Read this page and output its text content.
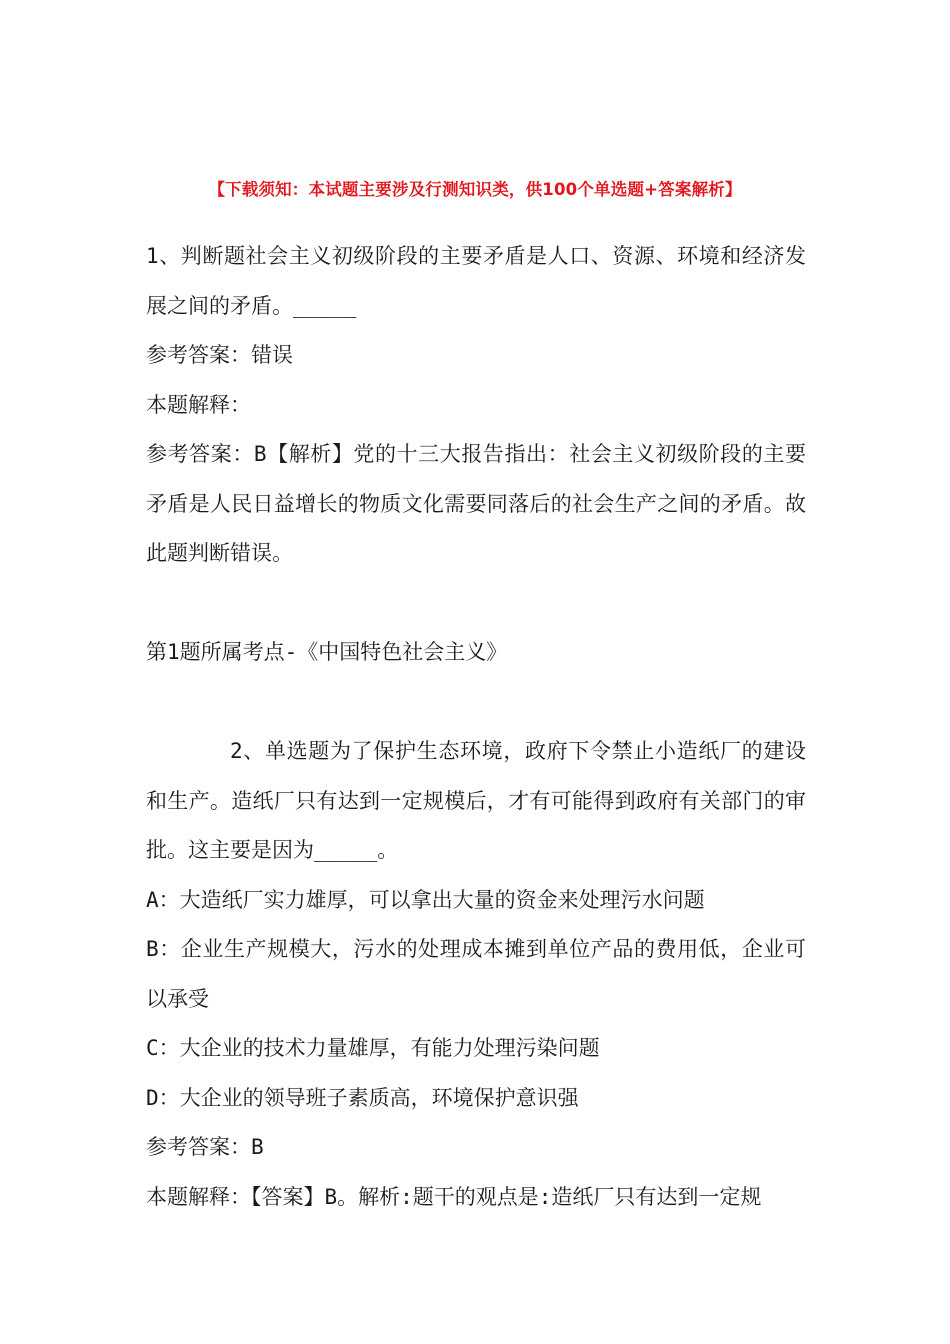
【下载须知：本试题主要涉及行测知识类，供100个单选题+答案解析】

1、判断题社会主义初级阶段的主要矛盾是人口、资源、环境和经济发展之间的矛盾。_____

参考答案：错误

本题解释：

参考答案：B【解析】党的十三大报告指出：社会主义初级阶段的主要矛盾是人民日益增长的物质文化需要同落后的社会生产之间的矛盾。故此题判断错误。

第1题所属考点-《中国特色社会主义》

2、单选题为了保护生态环境，政府下令禁止小造纸厂的建设和生产。造纸厂只有达到一定规模后，才有可能得到政府有关部门的审批。这主要是因为_____。

A：大造纸厂实力雄厚，可以拿出大量的资金来处理污水问题

B：企业生产规模大，污水的处理成本摊到单位产品的费用低，企业可以承受

C：大企业的技术力量雄厚，有能力处理污染问题

D：大企业的领导班子素质高，环境保护意识强

参考答案：B

本题解释：【答案】B。解析:题干的观点是:造纸厂只有达到一定规
